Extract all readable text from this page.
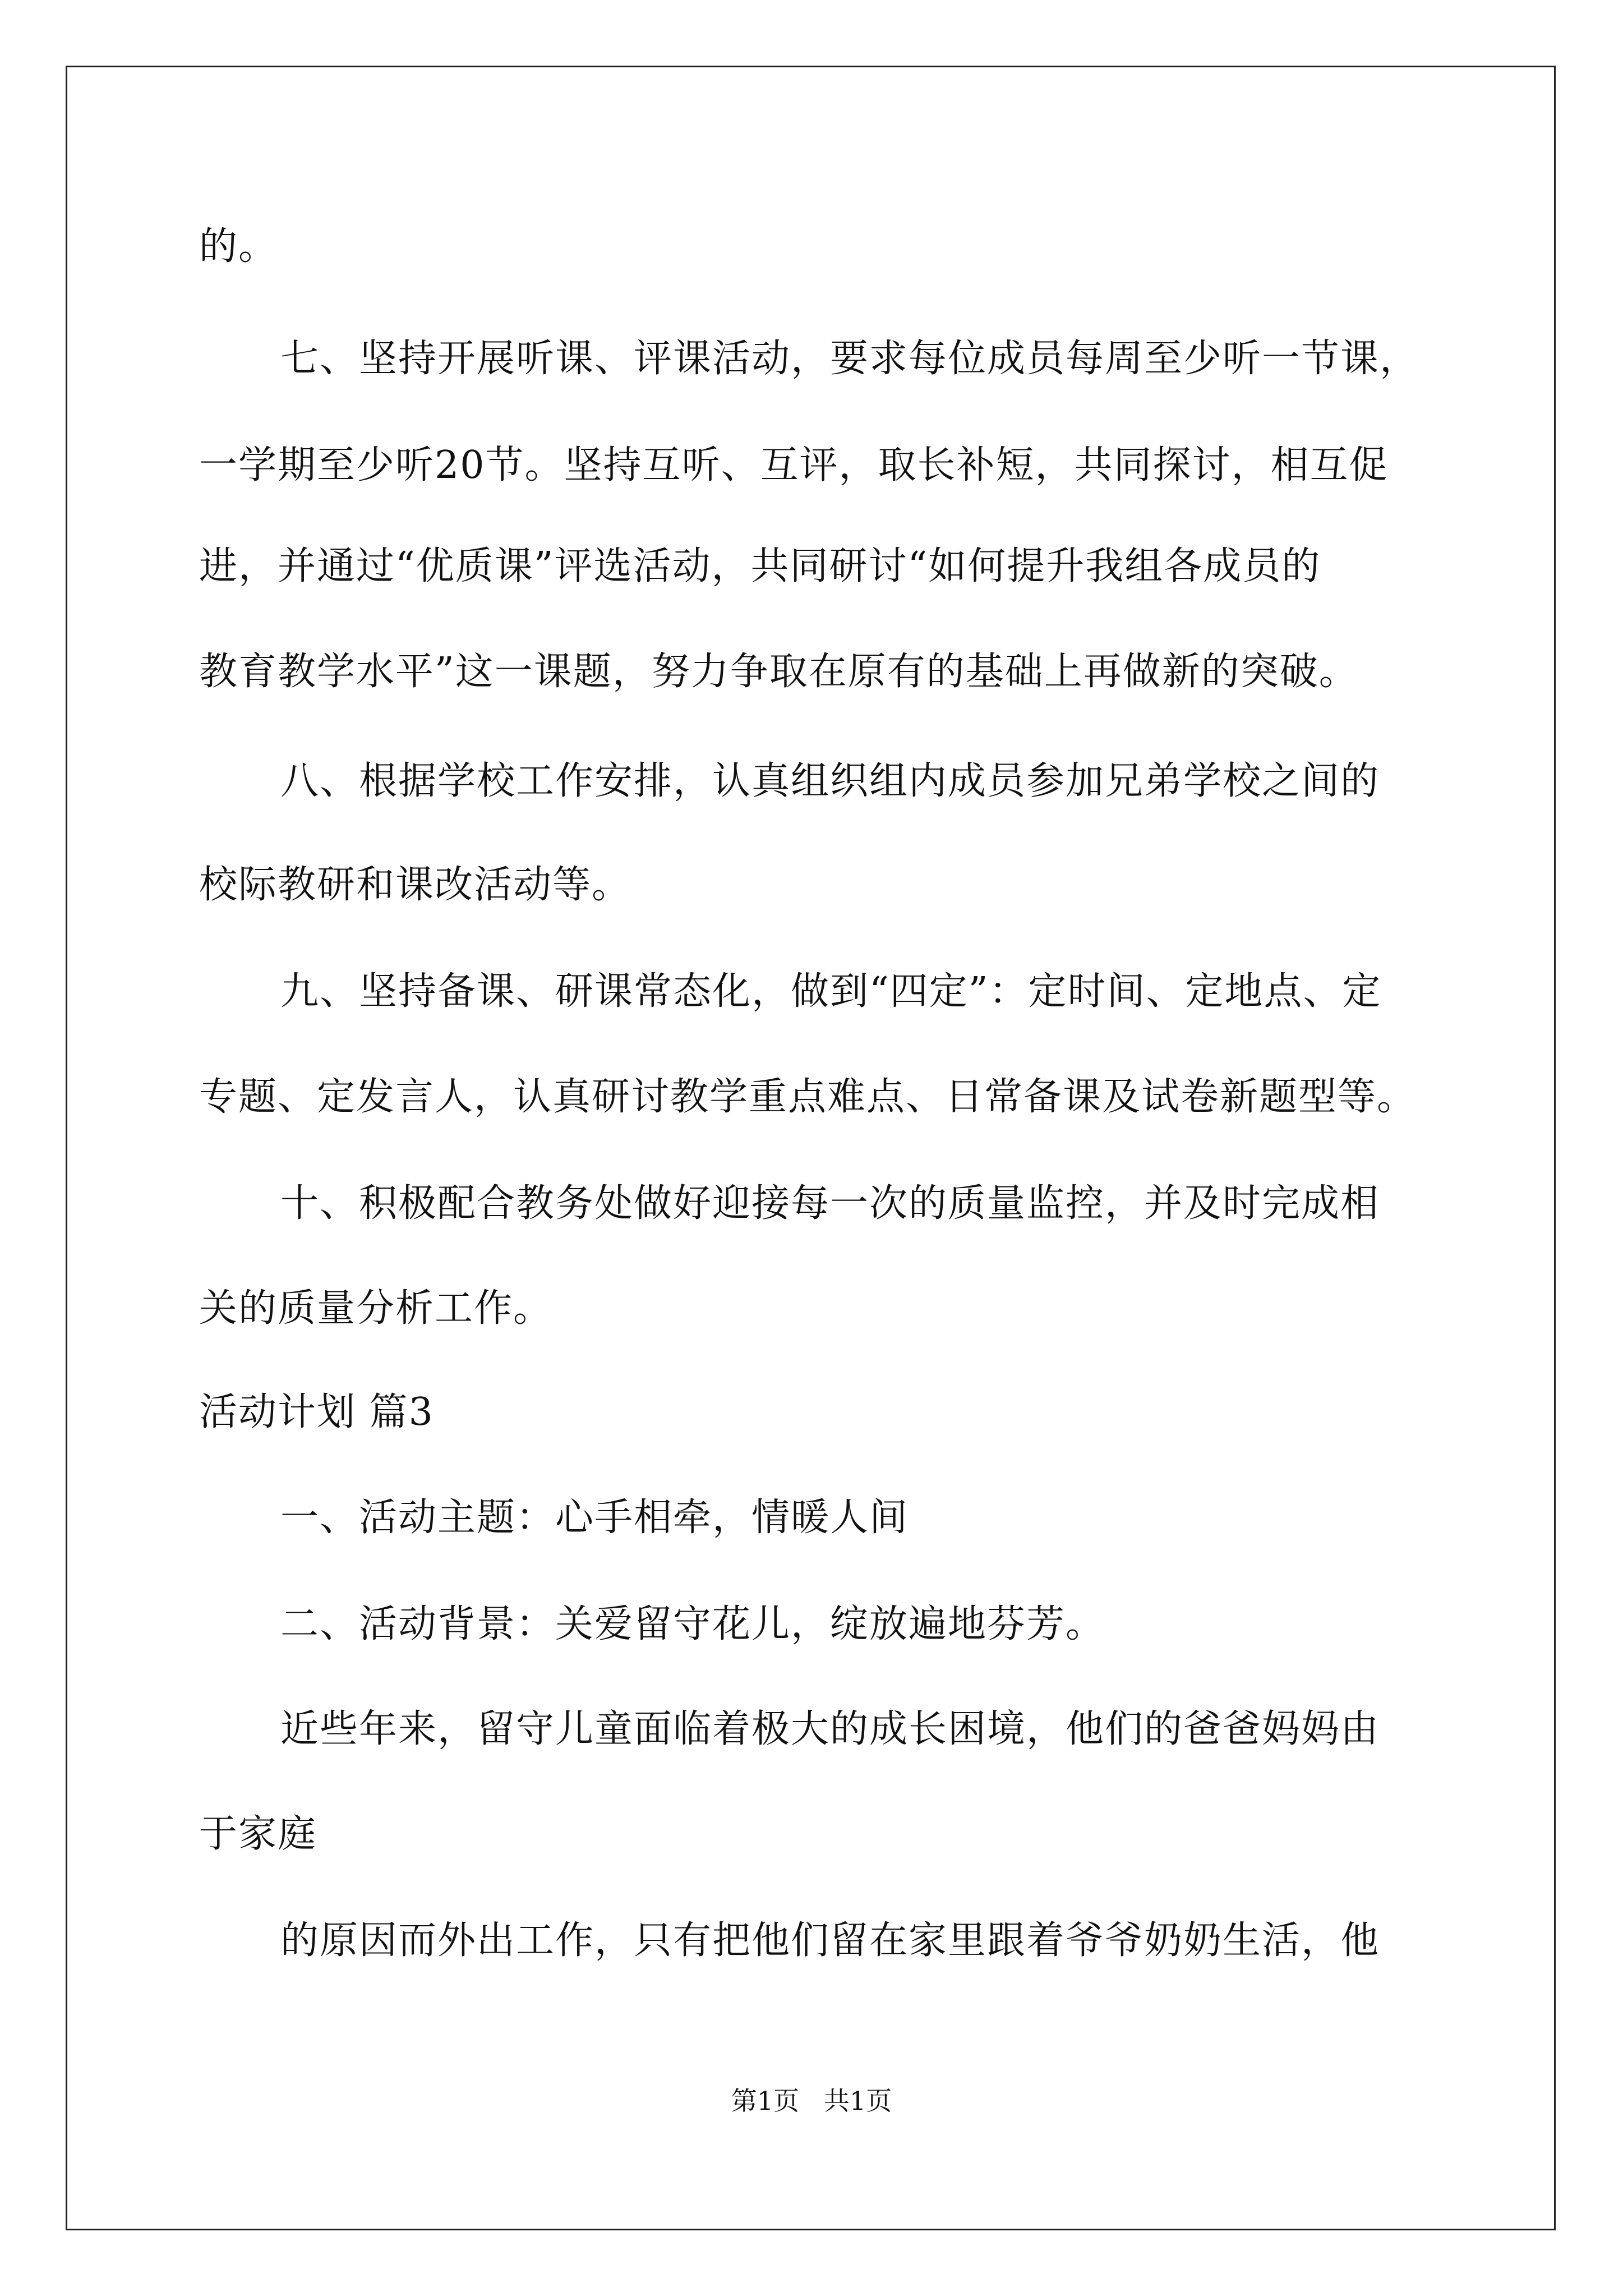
的。

七、坚持开展听课、评课活动，要求每位成员每周至少听一节课，

一学期至少听20节。坚持互听、互评，取长补短，共同探讨，相互促

进，并通过“优质课”评选活动，共同研讨“如何提升我组各成员的

教育教学水平”这一课题，努力争取在原有的基础上再做新的突破。

八、根据学校工作安排，认真组织组内成员参加兄弟学校之间的

校际教研和课改活动等。

九、坚持备课、研课常态化，做到“四定”：定时间、定地点、定

专题、定发言人，认真研讨教学重点难点、日常备课及试卷新题型等。

十、积极配合教务处做好迎接每一次的质量监控，并及时完成相

关的质量分析工作。

活动计划 篇3

一、活动主题：心手相牵，情暖人间

二、活动背景：关爱留守花儿，绽放遍地芬芳。

近些年来，留守儿童面临着极大的成长困境，他们的爸爸妈妈由

于家庭

的原因而外出工作，只有把他们留在家里跟着爷爷奶奶生活，他

第1页   共1页
